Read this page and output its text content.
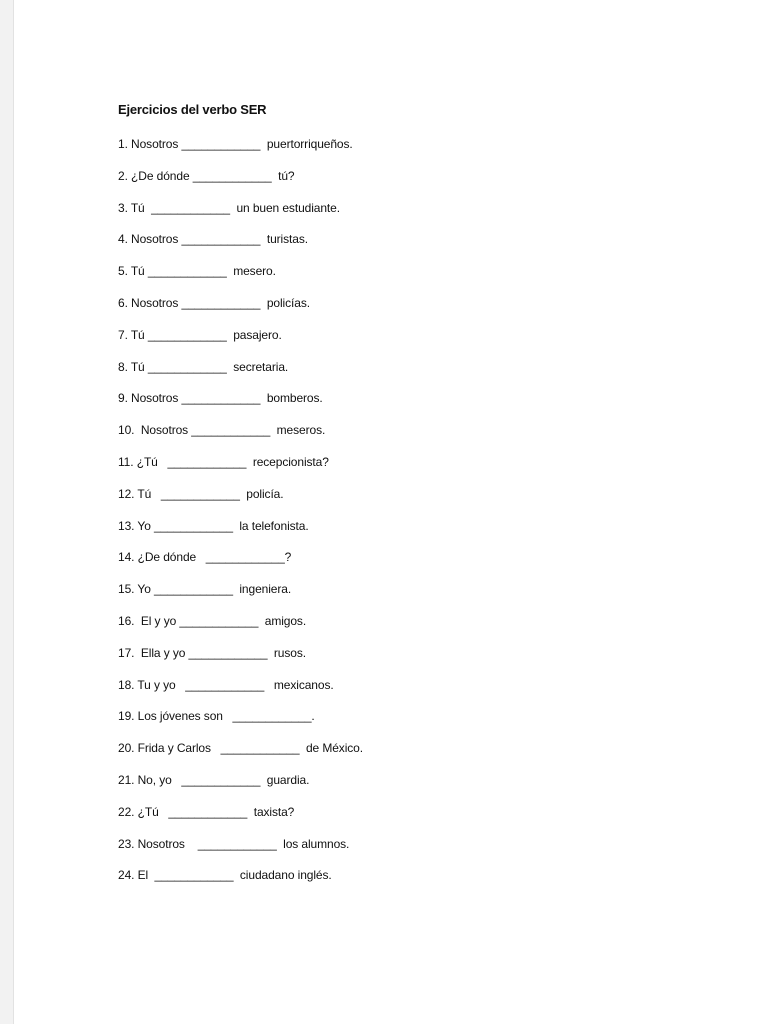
Ejercicios del verbo SER
1. Nosotros ____________  puertorriqueños.
2. ¿De dónde ____________  tú?
3. Tú  ____________  un buen estudiante.
4. Nosotros ____________  turistas.
5. Tú ____________  mesero.
6. Nosotros ____________  policías.
7. Tú ____________  pasajero.
8. Tú ____________  secretaria.
9. Nosotros ____________  bomberos.
10.  Nosotros ____________  meseros.
11. ¿Tú   ____________  recepcionista?
12. Tú   ____________  policía.
13. Yo ____________  la telefonista.
14. ¿De dónde   ____________?
15. Yo ____________  ingeniera.
16.  El y yo ____________  amigos.
17.  Ella y yo ____________  rusos.
18. Tu y yo   ____________   mexicanos.
19. Los jóvenes son   ____________.
20. Frida y Carlos   ____________  de México.
21. No, yo   ____________  guardia.
22. ¿Tú   ____________  taxista?
23. Nosotros    ____________  los alumnos.
24. El  ____________  ciudadano inglés.
